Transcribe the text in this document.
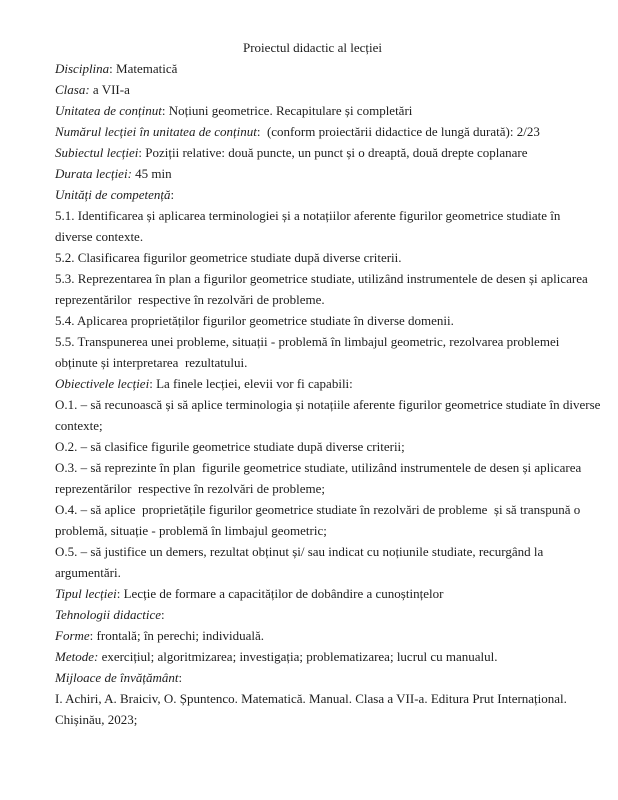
Proiectul didactic al lecției
Disciplina: Matematică
Clasa: a VII-a
Unitatea de conținut: Noțiuni geometrice. Recapitulare și completări
Numărul lecției în unitatea de conținut:  (conform proiectării didactice de lungă durată): 2/23
Subiectul lecției: Poziții relative: două puncte, un punct și o dreaptă, două drepte coplanare
Durata lecției: 45 min
Unități de competență:
5.1. Identificarea și aplicarea terminologiei și a notațiilor aferente figurilor geometrice studiate în
diverse contexte.
5.2. Clasificarea figurilor geometrice studiate după diverse criterii.
5.3. Reprezentarea în plan a figurilor geometrice studiate, utilizând instrumentele de desen și aplicarea
reprezentărilor  respective în rezolvări de probleme.
5.4. Aplicarea proprietăților figurilor geometrice studiate în diverse domenii.
5.5. Transpunerea unei probleme, situații - problemă în limbajul geometric, rezolvarea problemei
obținute și interpretarea  rezultatului.
Obiectivele lecției: La finele lecției, elevii vor fi capabili:
O.1. – să recunoască și să aplice terminologia și notațiile aferente figurilor geometrice studiate în diverse
contexte;
O.2. – să clasifice figurile geometrice studiate după diverse criterii;
O.3. – să reprezinte în plan  figurile geometrice studiate, utilizând instrumentele de desen și aplicarea
reprezentărilor  respective în rezolvări de probleme;
O.4. – să aplice  proprietățile figurilor geometrice studiate în rezolvări de probleme  și să transpună o
problemă, situație - problemă în limbajul geometric;
O.5. – să justifice un demers, rezultat obținut și/ sau indicat cu noțiunile studiate, recurgând la
argumentări.
Tipul lecției: Lecție de formare a capacităților de dobândire a cunoștințelor
Tehnologii didactice:
Forme: frontală; în perechi; individuală.
Metode: exercițiul; algoritmizarea; investigația; problematizarea; lucrul cu manualul.
Mijloace de învățământ:
I. Achiri, A. Braiciv, O. Șpuntenco. Matematică. Manual. Clasa a VII-a. Editura Prut Internațional.
Chișinău, 2023;
